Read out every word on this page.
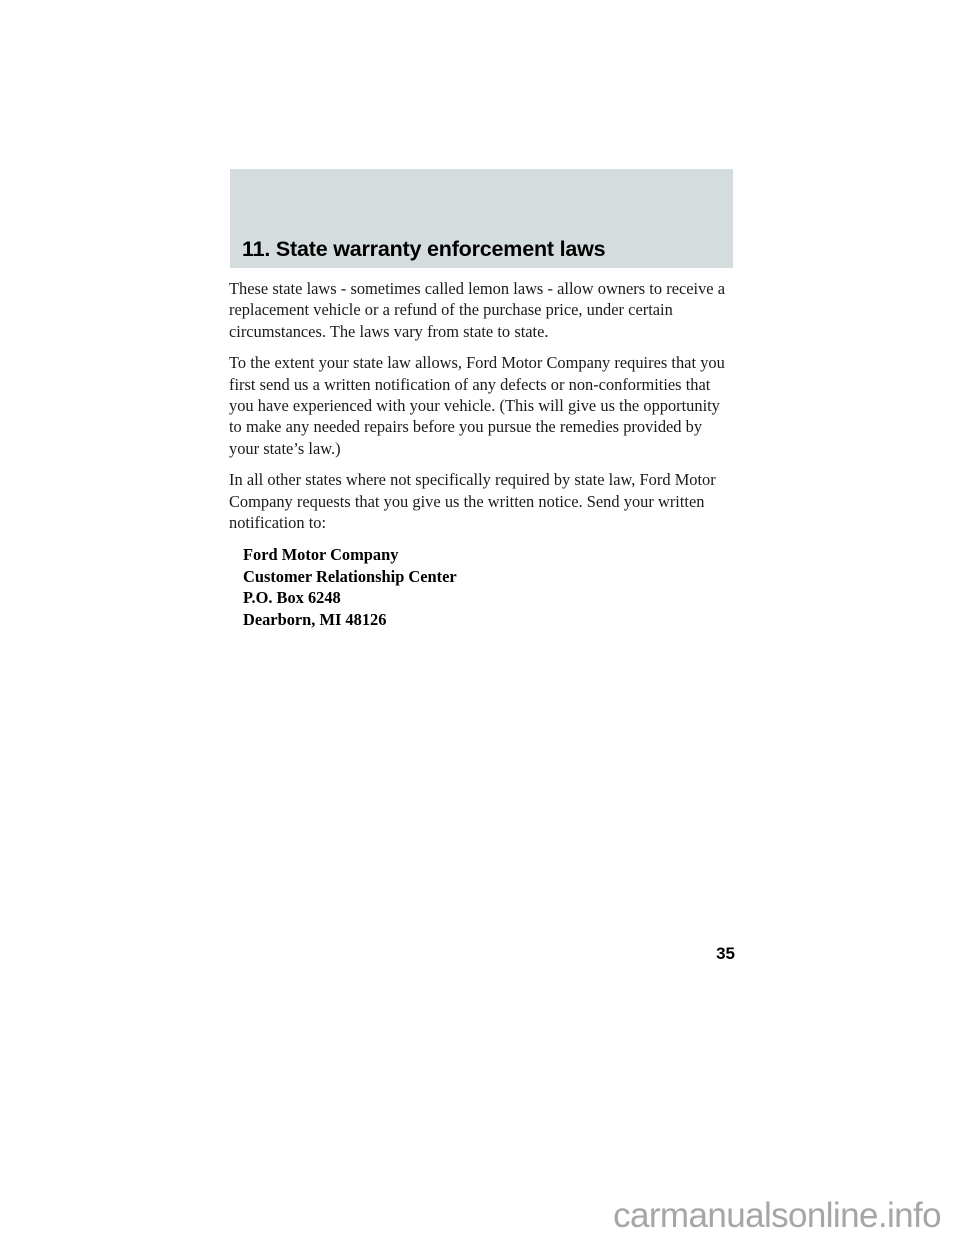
11. State warranty enforcement laws

These state laws - sometimes called lemon laws - allow owners to receive a replacement vehicle or a refund of the purchase price, under certain circumstances. The laws vary from state to state.

To the extent your state law allows, Ford Motor Company requires that you first send us a written notification of any defects or non-conformities that you have experienced with your vehicle. (This will give us the opportunity to make any needed repairs before you pursue the remedies provided by your state’s law.)

In all other states where not specifically required by state law, Ford Motor Company requests that you give us the written notice. Send your written notification to:

Ford Motor Company
Customer Relationship Center
P.O. Box 6248
Dearborn, MI 48126
35
carmanualsonline.info
